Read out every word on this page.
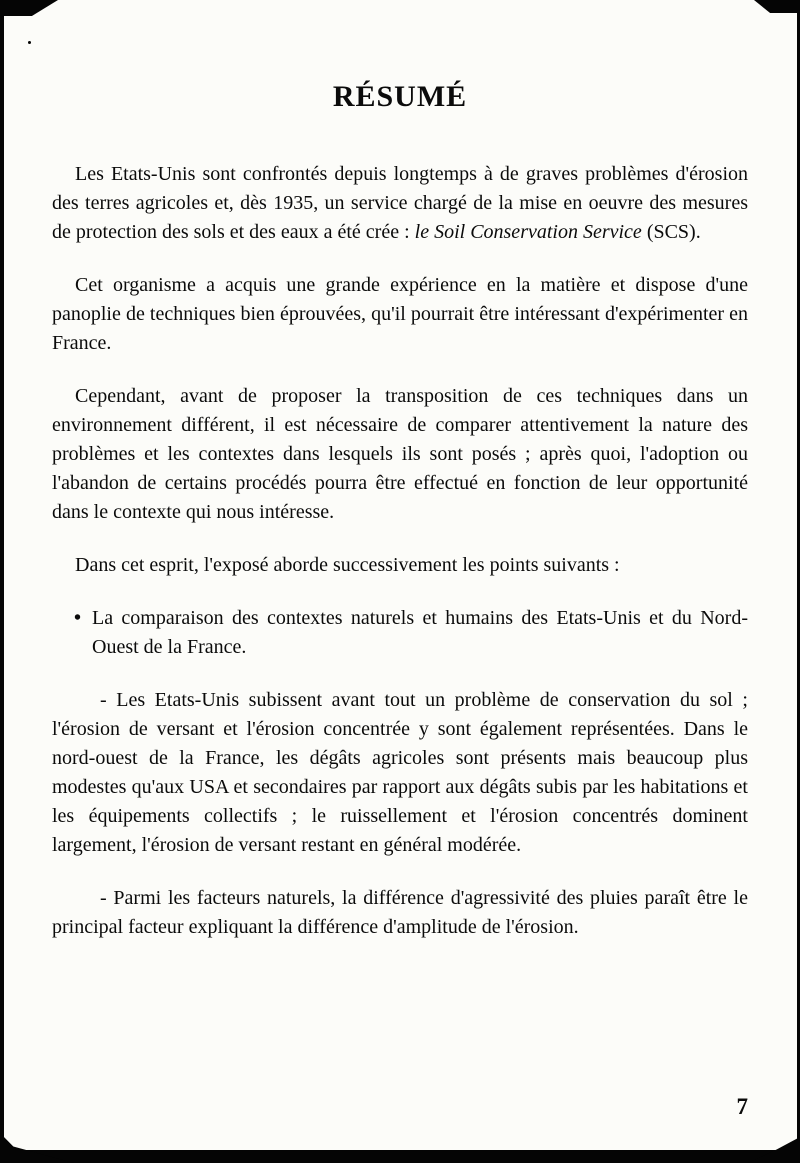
RÉSUMÉ

Les Etats-Unis sont confrontés depuis longtemps à de graves problèmes d'érosion des terres agricoles et, dès 1935, un service chargé de la mise en oeuvre des mesures de protection des sols et des eaux a été crée : le Soil Conservation Service (SCS).

Cet organisme a acquis une grande expérience en la matière et dispose d'une panoplie de techniques bien éprouvées, qu'il pourrait être intéressant d'expérimenter en France.

Cependant, avant de proposer la transposition de ces techniques dans un environnement différent, il est nécessaire de comparer attentivement la nature des problèmes et les contextes dans lesquels ils sont posés ; après quoi, l'adoption ou l'abandon de certains procédés pourra être effectué en fonction de leur opportunité dans le contexte qui nous intéresse.

Dans cet esprit, l'exposé aborde successivement les points suivants :

• La comparaison des contextes naturels et humains des Etats-Unis et du Nord-Ouest de la France.

- Les Etats-Unis subissent avant tout un problème de conservation du sol ; l'érosion de versant et l'érosion concentrée y sont également représentées. Dans le nord-ouest de la France, les dégâts agricoles sont présents mais beaucoup plus modestes qu'aux USA et secondaires par rapport aux dégâts subis par les habitations et les équipements collectifs ; le ruissellement et l'érosion concentrés dominent largement, l'érosion de versant restant en général modérée.

- Parmi les facteurs naturels, la différence d'agressivité des pluies paraît être le principal facteur expliquant la différence d'amplitude de l'érosion.

7
